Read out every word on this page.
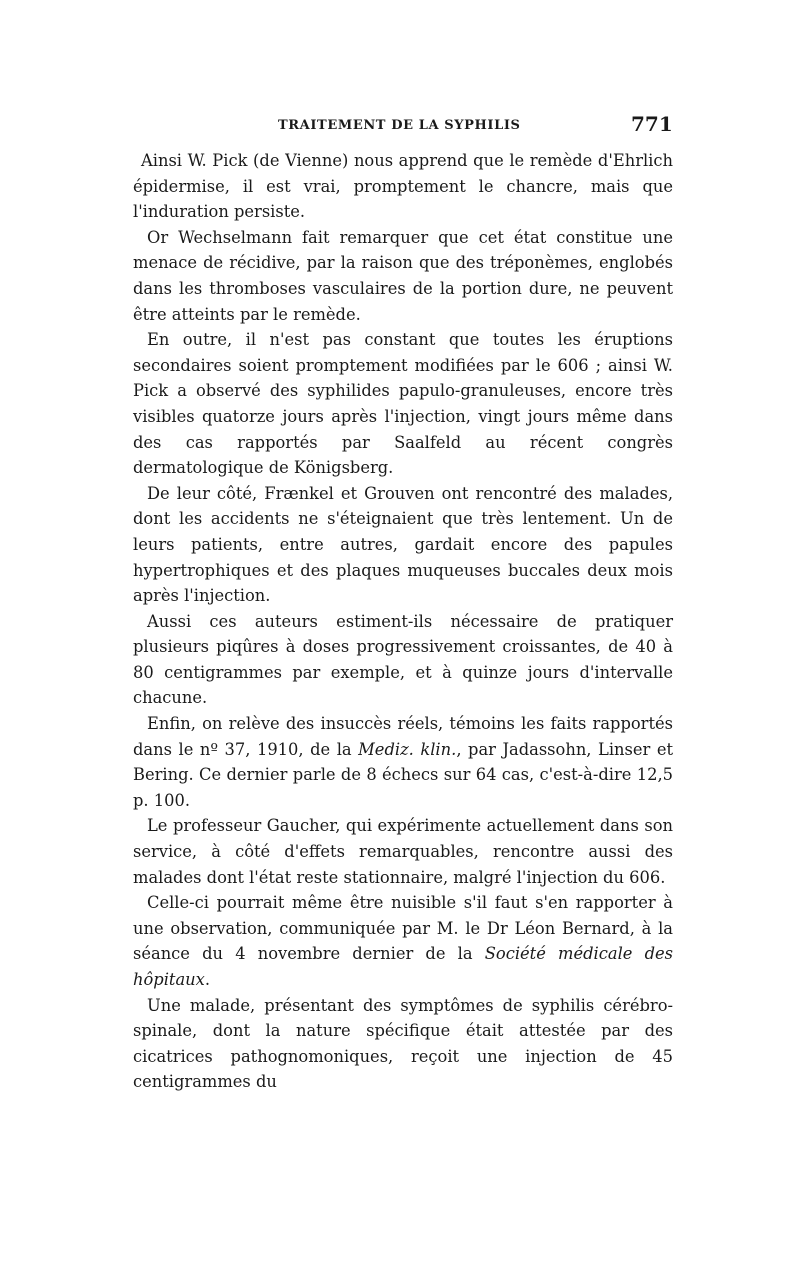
TRAITEMENT DE LA SYPHILIS	771

Ainsi W. Pick (de Vienne) nous apprend que le remède d'Ehrlich épidermise, il est vrai, promptement le chancre, mais que l'induration persiste.

Or Wechselmann fait remarquer que cet état constitue une menace de récidive, par la raison que des tréponèmes, englobés dans les thromboses vasculaires de la portion dure, ne peuvent être atteints par le remède.

En outre, il n'est pas constant que toutes les éruptions secondaires soient promptement modifiées par le 606 ; ainsi W. Pick a observé des syphilides papulo-granuleuses, encore très visibles quatorze jours après l'injection, vingt jours même dans des cas rapportés par Saalfeld au récent congrès dermatologique de Königsberg.

De leur côté, Frænkel et Grouven ont rencontré des malades, dont les accidents ne s'éteignaient que très lentement. Un de leurs patients, entre autres, gardait encore des papules hypertrophiques et des plaques muqueuses buccales deux mois après l'injection.

Aussi ces auteurs estiment-ils nécessaire de pratiquer plusieurs piqûres à doses progressivement croissantes, de 40 à 80 centigrammes par exemple, et à quinze jours d'intervalle chacune.

Enfin, on relève des insuccès réels, témoins les faits rapportés dans le nº 37, 1910, de la Mediz. klin., par Jadassohn, Linser et Bering. Ce dernier parle de 8 échecs sur 64 cas, c'est-à-dire 12,5 p. 100.

Le professeur Gaucher, qui expérimente actuellement dans son service, à côté d'effets remarquables, rencontre aussi des malades dont l'état reste stationnaire, malgré l'injection du 606.

Celle-ci pourrait même être nuisible s'il faut s'en rapporter à une observation, communiquée par M. le Dr Léon Bernard, à la séance du 4 novembre dernier de la Société médicale des hôpitaux.

Une malade, présentant des symptômes de syphilis cérébro-spinale, dont la nature spécifique était attestée par des cicatrices pathognomoniques, reçoit une injection de 45 centigrammes du
